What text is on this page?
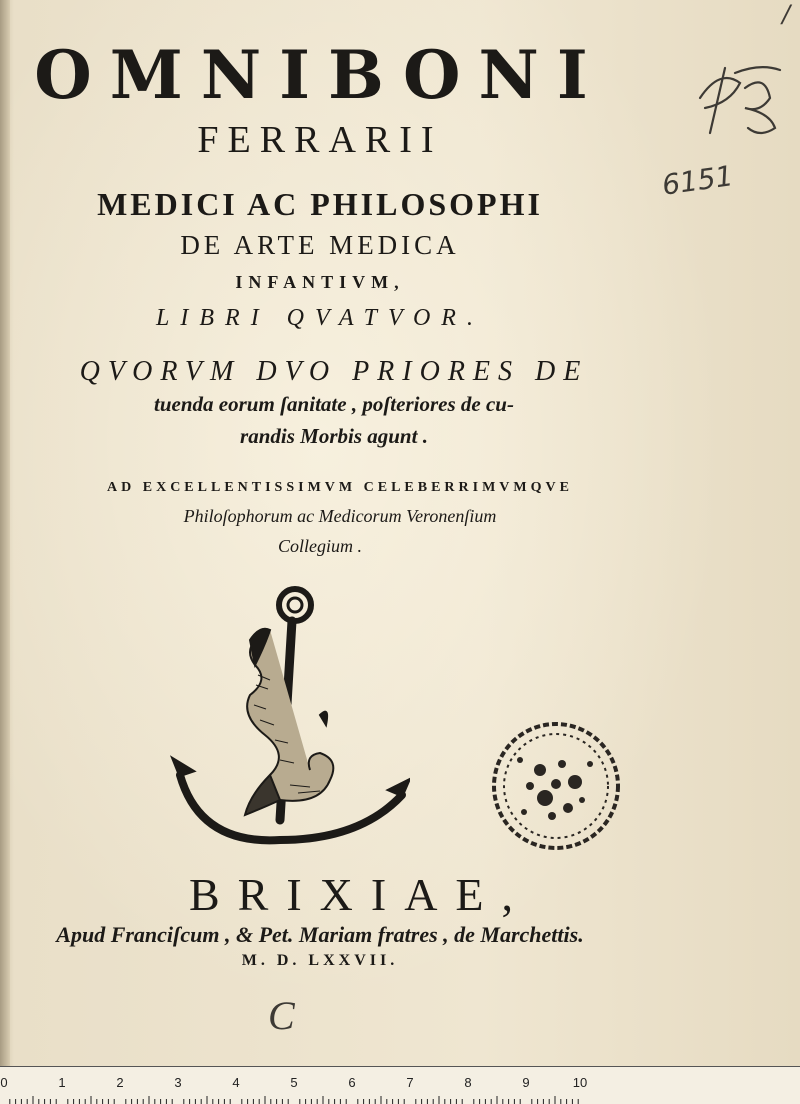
OMNIBONI
FERRARII
MEDICI AC PHILOSOPHI
DE ARTE MEDICA
INFANTIVM,
LIBRI QVATVOR.
QVORVM DVO PRIORES DE
tuenda eorum ſanitate , poſteriores de cu-
randis Morbis agunt .
AD EXCELLENTISSIMVM CELEBERRIMVMQVE
Philoſophorum ac Medicorum Veronenſium
Collegium .
6151
/
BRIXIAE,
Apud Franciſcum , & Pet. Mariam fratres , de Marchettis.
M. D. LXXVII.
C
0	1	2	3	4	5	6	7	8	9	10
